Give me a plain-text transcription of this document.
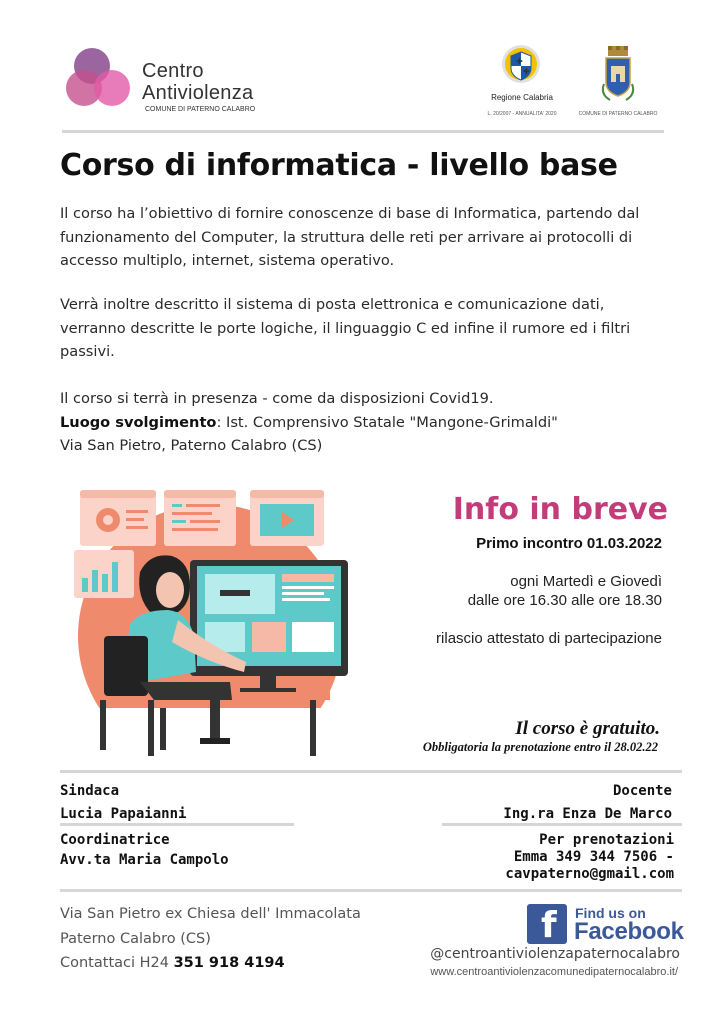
Centro
Antiviolenza
COMUNE DI PATERNO CALABRO
✚
✚
Regione Calabria
L. 20/2007 - ANNUALITA' 2020	COMUNE DI PATERNO CALABRO
Corso di informatica - livello base
Il corso ha l’obiettivo di fornire conoscenze di base di Informatica, partendo dal funzionamento del Computer, la struttura delle reti per arrivare ai protocolli di accesso multiplo, internet, sistema operativo.
Verrà inoltre descritto il sistema di posta elettronica e comunicazione dati, verranno descritte le porte logiche, il linguaggio C ed infine il rumore ed i filtri passivi.
Il corso si terrà in presenza - come da disposizioni Covid19.
Luogo svolgimento: Ist. Comprensivo Statale "Mangone-Grimaldi"
Via San Pietro, Paterno Calabro (CS)
Info in breve
Primo incontro 01.03.2022
ogni Martedì e Giovedì
dalle ore 16.30 alle ore 18.30
rilascio attestato di partecipazione
Il corso è gratuito.
Obbligatoria la prenotazione entro il 28.02.22
Sindaca
Lucia Papaianni
Coordinatrice
Avv.ta Maria Campolo
Docente
Ing.ra Enza De Marco
Per prenotazioni
Emma 349 344 7506 -
cavpaterno@gmail.com
Via San Pietro ex Chiesa dell' Immacolata
Paterno Calabro (CS)
Contattaci H24 351 918 4194
f Find us on
Facebook
@centroantiviolenzapaternocalabro
www.centroantiviolenzacomunedipaternocalabro.it/
